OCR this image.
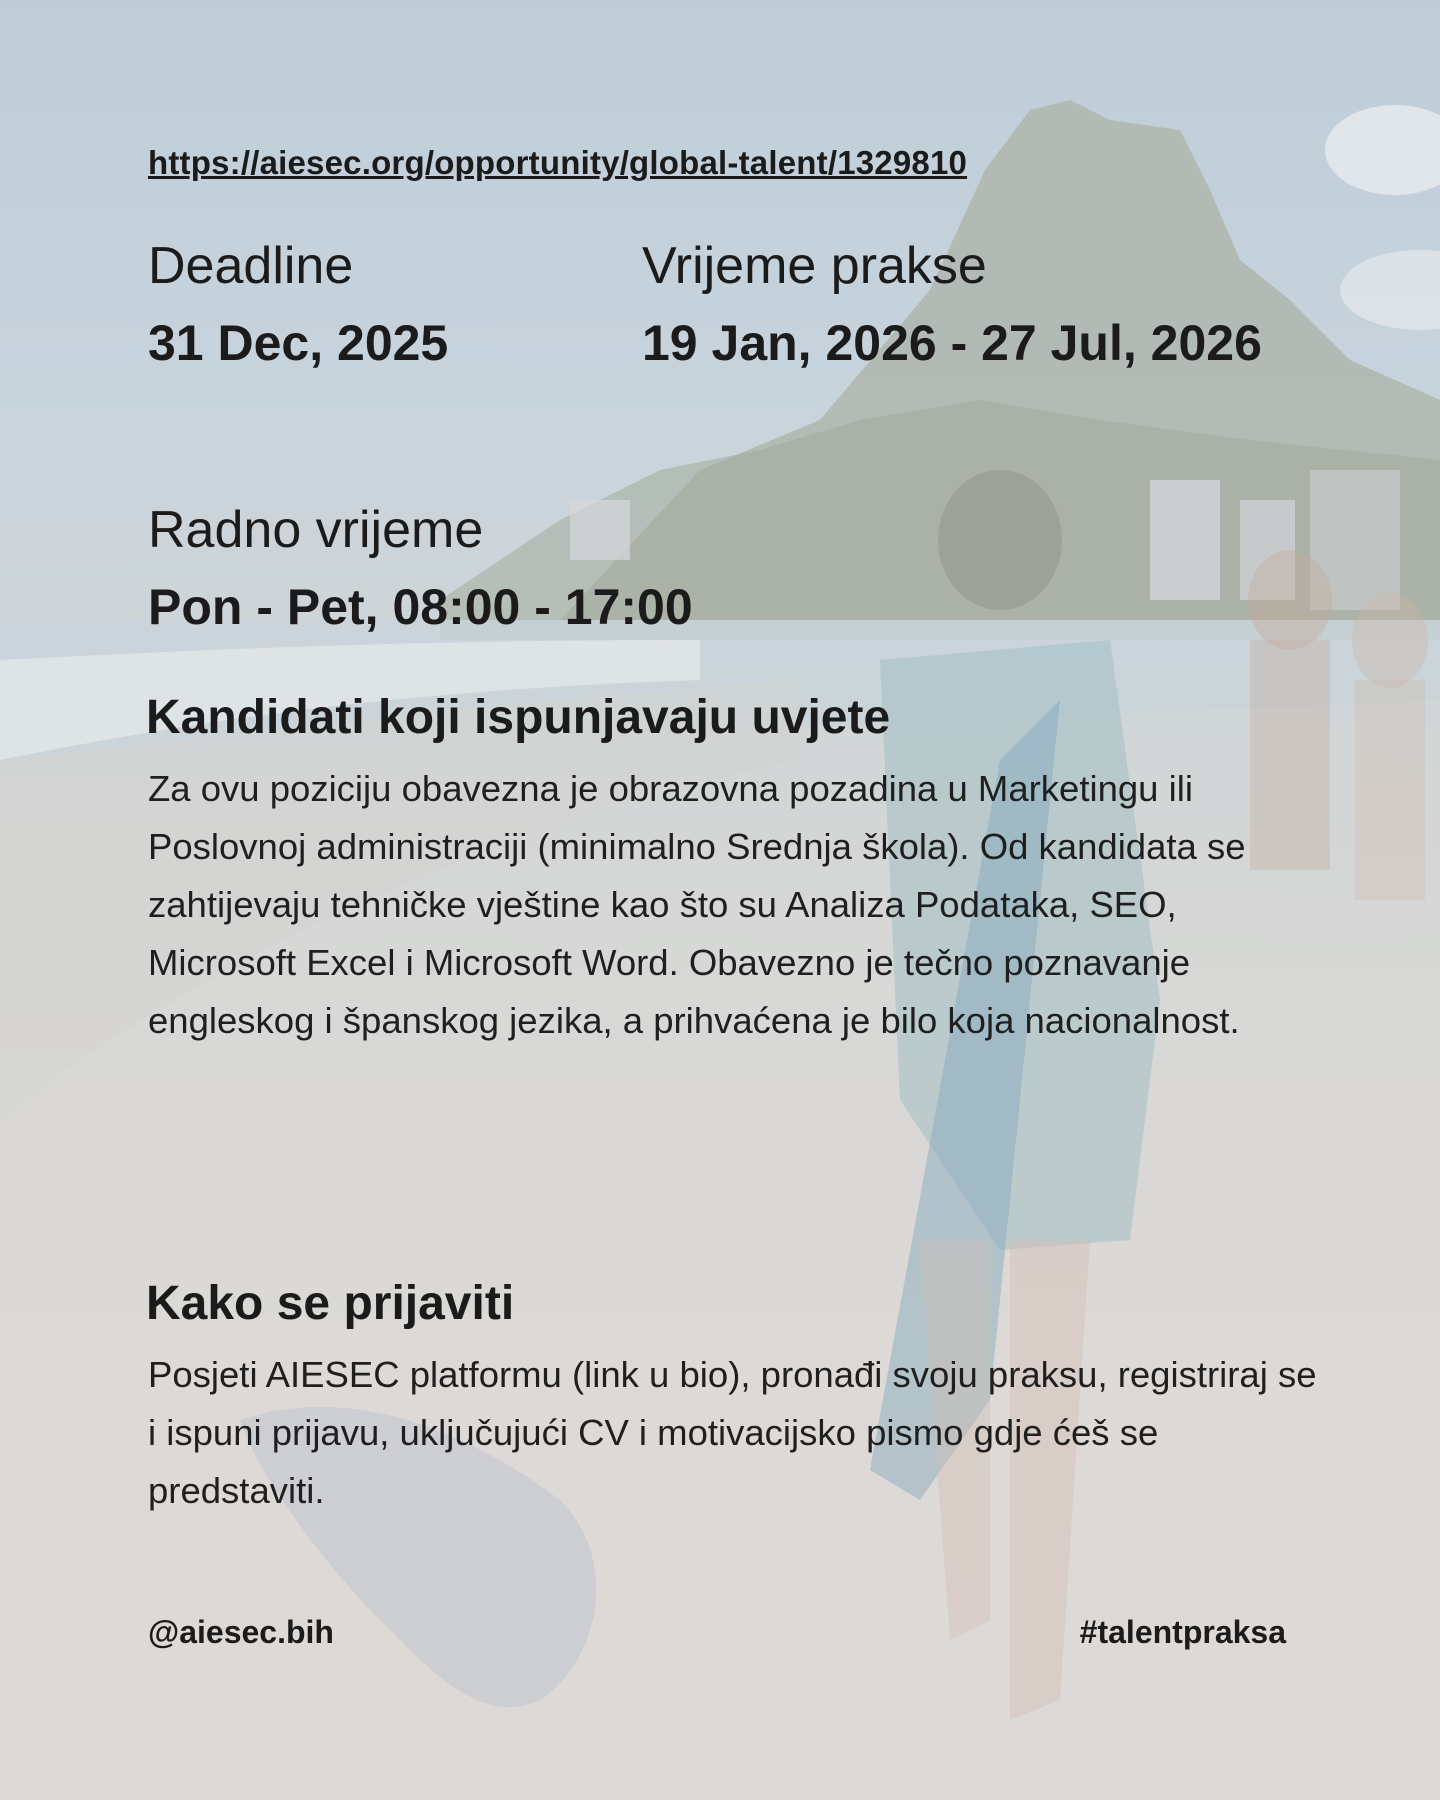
https://aiesec.org/opportunity/global-talent/1329810
Deadline
31 Dec, 2025
Vrijeme prakse
19 Jan, 2026 - 27 Jul, 2026
Radno vrijeme
Pon - Pet, 08:00 - 17:00
Kandidati koji ispunjavaju uvjete
Za ovu poziciju obavezna je obrazovna pozadina u Marketingu ili Poslovnoj administraciji (minimalno Srednja škola). Od kandidata se zahtijevaju tehničke vještine kao što su Analiza Podataka, SEO, Microsoft Excel i Microsoft Word. Obavezno je tečno poznavanje engleskog i španskog jezika, a prihvaćena je bilo koja nacionalnost.
Kako se prijaviti
Posjeti AIESEC platformu (link u bio), pronađi svoju praksu, registriraj se i ispuni prijavu, uključujući CV i motivacijsko pismo gdje ćeš se predstaviti.
@aiesec.bih	#talentpraksa
